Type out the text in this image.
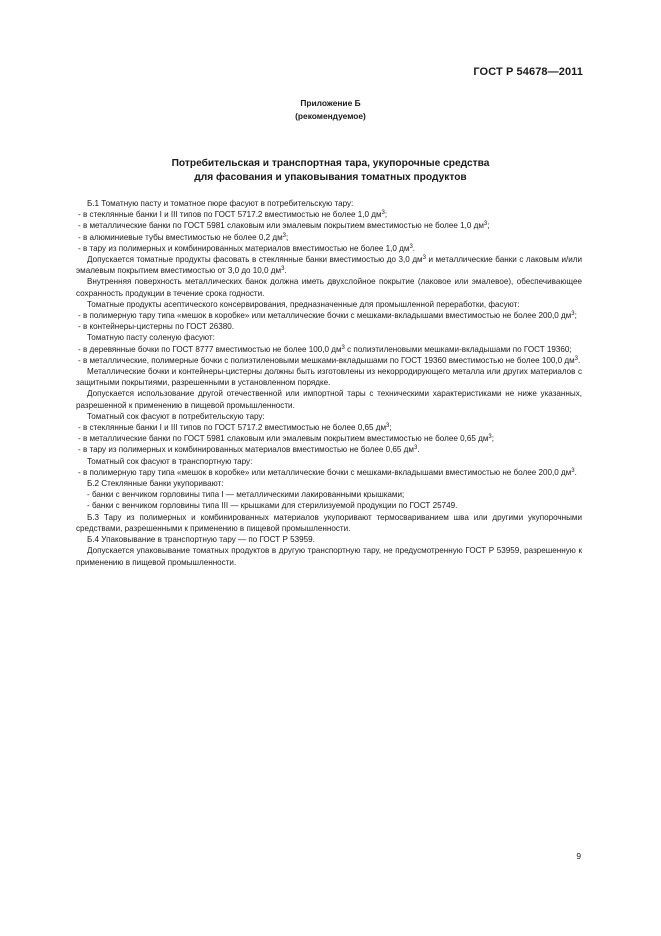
ГОСТ Р 54678—2011
Приложение Б
(рекомендуемое)
Потребительская и транспортная тара, укупорочные средства
для фасования и упаковывания томатных продуктов

Б.1 Томатную пасту и томатное пюре фасуют в потребительскую тару:

- в стеклянные банки I и III типов по ГОСТ 5717.2 вместимостью не более 1,0 $дм^3$;

- в металлические банки по ГОСТ 5981 слаковым или эмалевым покрытием вместимостью не более 1,0 $дм^3$;

- в алюминиевые тубы вместимостью не более 0,2 $дм^3$;

- в тару из полимерных и комбинированных материалов вместимостью не более 1,0 $дм^3$.

Допускается томатные продукты фасовать в стеклянные банки вместимостью до 3,0 $дм^3$ и металлические банки с лаковым и/или эмалевым покрытием вместимостью от 3,0 до 10,0 $дм^3$.

Внутренняя поверхность металлических банок должна иметь двухслойное покрытие (лаковое или эмалевое), обеспечивающее сохранность продукции в течение срока годности.

Томатные продукты асептического консервирования, предназначенные для промышленной переработки, фасуют:

- в полимерную тару типа «мешок в коробке» или металлические бочки с мешками-вкладышами вместимостью не более 200,0 $дм^3$;

- в контейнеры-цистерны по ГОСТ 26380.

Томатную пасту соленую фасуют:

- в деревянные бочки по ГОСТ 8777 вместимостью не более 100,0 $дм^3$ с полиэтиленовыми мешками-вкладышами по ГОСТ 19360;

- в металлические, полимерные бочки с полиэтиленовыми мешками-вкладышами по ГОСТ 19360 вместимостью не более 100,0 $дм^3$.

Металлические бочки и контейнеры-цистерны должны быть изготовлены из некорродирующего металла или других материалов с защитными покрытиями, разрешенными в установленном порядке.

Допускается использование другой отечественной или импортной тары с техническими характеристиками не ниже указанных, разрешенной к применению в пищевой промышленности.

Томатный сок фасуют в потребительскую тару:

- в стеклянные банки I и III типов по ГОСТ 5717.2 вместимостью не более 0,65 $дм^3$;

- в металлические банки по ГОСТ 5981 слаковым или эмалевым покрытием вместимостью не более 0,65 $дм^3$;

- в тару из полимерных и комбинированных материалов вместимостью не более 0,65 $дм^3$.

Томатный сок фасуют в транспортную тару:

- в полимерную тару типа «мешок в коробке» или металлические бочки с мешками-вкладышами вместимостью не более 200,0 $дм^3$.

Б.2 Стеклянные банки укупоривают:

- банки с венчиком горловины типа I — металлическими лакированными крышками;

- банки с венчиком горловины типа III — крышками для стерилизуемой продукции по ГОСТ 25749.

Б.3 Тару из полимерных и комбинированных материалов укупоривают термосвариванием шва или другими укупорочными средствами, разрешенными к применению в пищевой промышленности.

Б.4 Упаковывание в транспортную тару — по ГОСТ Р 53959.

Допускается упаковывание томатных продуктов в другую транспортную тару, не предусмотренную ГОСТ Р 53959, разрешенную к применению в пищевой промышленности.

9
